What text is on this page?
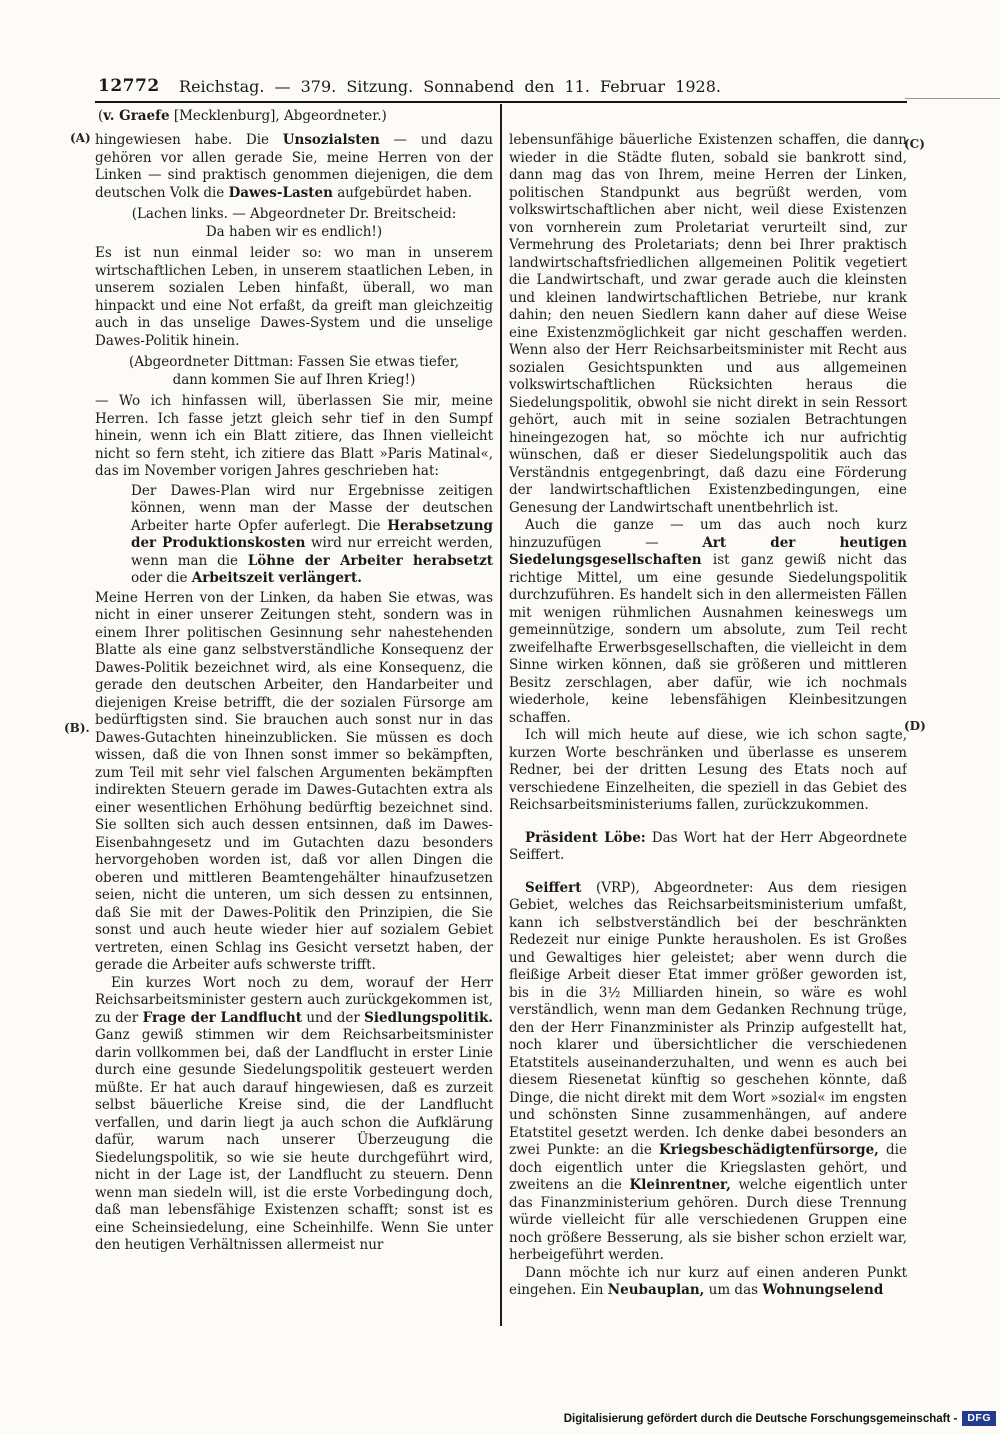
12772	Reichstag. — 379. Sitzung. Sonnabend den 11. Februar 1928.
(v. Graefe [Mecklenburg], Abgeordneter.)
(A)
(B).
(C)
(D)
hingewiesen habe. Die Unsozialsten — und dazu gehören vor allen gerade Sie, meine Herren von der Linken — sind praktisch genommen diejenigen, die dem deutschen Volk die Dawes-Lasten aufgebürdet haben.
(Lachen links. — Abgeordneter Dr. Breitscheid:
Da haben wir es endlich!)
Es ist nun einmal leider so: wo man in unserem wirtschaftlichen Leben, in unserem staatlichen Leben, in unserem sozialen Leben hinfaßt, überall, wo man hinpackt und eine Not erfaßt, da greift man gleichzeitig auch in das unselige Dawes-System und die unselige Dawes-Politik hinein.
(Abgeordneter Dittman: Fassen Sie etwas tiefer,
dann kommen Sie auf Ihren Krieg!)
— Wo ich hinfassen will, überlassen Sie mir, meine Herren. Ich fasse jetzt gleich sehr tief in den Sumpf hinein, wenn ich ein Blatt zitiere, das Ihnen vielleicht nicht so fern steht, ich zitiere das Blatt »Paris Matinal«, das im November vorigen Jahres geschrieben hat:
Der Dawes-Plan wird nur Ergebnisse zeitigen können, wenn man der Masse der deutschen Arbeiter harte Opfer auferlegt. Die Herabsetzung der Produktionskosten wird nur erreicht werden, wenn man die Löhne der Arbeiter herabsetzt oder die Arbeitszeit verlängert.
Meine Herren von der Linken, da haben Sie etwas, was nicht in einer unserer Zeitungen steht, sondern was in einem Ihrer politischen Gesinnung sehr nahestehenden Blatte als eine ganz selbstverständliche Konsequenz der Dawes-Politik bezeichnet wird, als eine Konsequenz, die gerade den deutschen Arbeiter, den Handarbeiter und diejenigen Kreise betrifft, die der sozialen Fürsorge am bedürftigsten sind. Sie brauchen auch sonst nur in das Dawes-Gutachten hineinzublicken. Sie müssen es doch wissen, daß die von Ihnen sonst immer so bekämpften, zum Teil mit sehr viel falschen Argumenten bekämpften indirekten Steuern gerade im Dawes-Gutachten extra als einer wesentlichen Erhöhung bedürftig bezeichnet sind. Sie sollten sich auch dessen entsinnen, daß im Dawes-Eisenbahngesetz und im Gutachten dazu besonders hervorgehoben worden ist, daß vor allen Dingen die oberen und mittleren Beamtengehälter hinaufzusetzen seien, nicht die unteren, um sich dessen zu entsinnen, daß Sie mit der Dawes-Politik den Prinzipien, die Sie sonst und auch heute wieder hier auf sozialem Gebiet vertreten, einen Schlag ins Gesicht versetzt haben, der gerade die Arbeiter aufs schwerste trifft.
Ein kurzes Wort noch zu dem, worauf der Herr Reichsarbeitsminister gestern auch zurückgekommen ist, zu der Frage der Landflucht und der Siedlungspolitik. Ganz gewiß stimmen wir dem Reichsarbeitsminister darin vollkommen bei, daß der Landflucht in erster Linie durch eine gesunde Siedelungspolitik gesteuert werden müßte. Er hat auch darauf hingewiesen, daß es zurzeit selbst bäuerliche Kreise sind, die der Landflucht verfallen, und darin liegt ja auch schon die Aufklärung dafür, warum nach unserer Überzeugung die Siedelungspolitik, so wie sie heute durchgeführt wird, nicht in der Lage ist, der Landflucht zu steuern. Denn wenn man siedeln will, ist die erste Vorbedingung doch, daß man lebensfähige Existenzen schafft; sonst ist es eine Scheinsiedelung, eine Scheinhilfe. Wenn Sie unter den heutigen Verhältnissen allermeist nur
lebensunfähige bäuerliche Existenzen schaffen, die dann wieder in die Städte fluten, sobald sie bankrott sind, dann mag das von Ihrem, meine Herren der Linken, politischen Standpunkt aus begrüßt werden, vom volkswirtschaftlichen aber nicht, weil diese Existenzen von vornherein zum Proletariat verurteilt sind, zur Vermehrung des Proletariats; denn bei Ihrer praktisch landwirtschaftsfriedlichen allgemeinen Politik vegetiert die Landwirtschaft, und zwar gerade auch die kleinsten und kleinen landwirtschaftlichen Betriebe, nur krank dahin; den neuen Siedlern kann daher auf diese Weise eine Existenzmöglichkeit gar nicht geschaffen werden. Wenn also der Herr Reichsarbeitsminister mit Recht aus sozialen Gesichtspunkten und aus allgemeinen volkswirtschaftlichen Rücksichten heraus die Siedelungspolitik, obwohl sie nicht direkt in sein Ressort gehört, auch mit in seine sozialen Betrachtungen hineingezogen hat, so möchte ich nur aufrichtig wünschen, daß er dieser Siedelungspolitik auch das Verständnis entgegenbringt, daß dazu eine Förderung der landwirtschaftlichen Existenzbedingungen, eine Genesung der Landwirtschaft unentbehrlich ist.
Auch die ganze — um das auch noch kurz hinzuzufügen — Art der heutigen Siedelungsgesellschaften ist ganz gewiß nicht das richtige Mittel, um eine gesunde Siedelungspolitik durchzuführen. Es handelt sich in den allermeisten Fällen mit wenigen rühmlichen Ausnahmen keineswegs um gemeinnützige, sondern um absolute, zum Teil recht zweifelhafte Erwerbsgesellschaften, die vielleicht in dem Sinne wirken können, daß sie größeren und mittleren Besitz zerschlagen, aber dafür, wie ich nochmals wiederhole, keine lebensfähigen Kleinbesitzungen schaffen.
Ich will mich heute auf diese, wie ich schon sagte, kurzen Worte beschränken und überlasse es unserem Redner, bei der dritten Lesung des Etats noch auf verschiedene Einzelheiten, die speziell in das Gebiet des Reichsarbeitsministeriums fallen, zurückzukommen.
Präsident Löbe: Das Wort hat der Herr Abgeordnete Seiffert.
Seiffert (VRP), Abgeordneter: Aus dem riesigen Gebiet, welches das Reichsarbeitsministerium umfaßt, kann ich selbstverständlich bei der beschränkten Redezeit nur einige Punkte herausholen. Es ist Großes und Gewaltiges hier geleistet; aber wenn durch die fleißige Arbeit dieser Etat immer größer geworden ist, bis in die 3½ Milliarden hinein, so wäre es wohl verständlich, wenn man dem Gedanken Rechnung trüge, den der Herr Finanzminister als Prinzip aufgestellt hat, noch klarer und übersichtlicher die verschiedenen Etatstitels auseinanderzuhalten, und wenn es auch bei diesem Riesenetat künftig so geschehen könnte, daß Dinge, die nicht direkt mit dem Wort »sozial« im engsten und schönsten Sinne zusammenhängen, auf andere Etatstitel gesetzt werden. Ich denke dabei besonders an zwei Punkte: an die Kriegsbeschädigtenfürsorge, die doch eigentlich unter die Kriegslasten gehört, und zweitens an die Kleinrentner, welche eigentlich unter das Finanzministerium gehören. Durch diese Trennung würde vielleicht für alle verschiedenen Gruppen eine noch größere Besserung, als sie bisher schon erzielt war, herbeigeführt werden.
Dann möchte ich nur kurz auf einen anderen Punkt eingehen. Ein Neubauplan, um das Wohnungselend
Digitalisierung gefördert durch die Deutsche Forschungsgemeinschaft - DFG
